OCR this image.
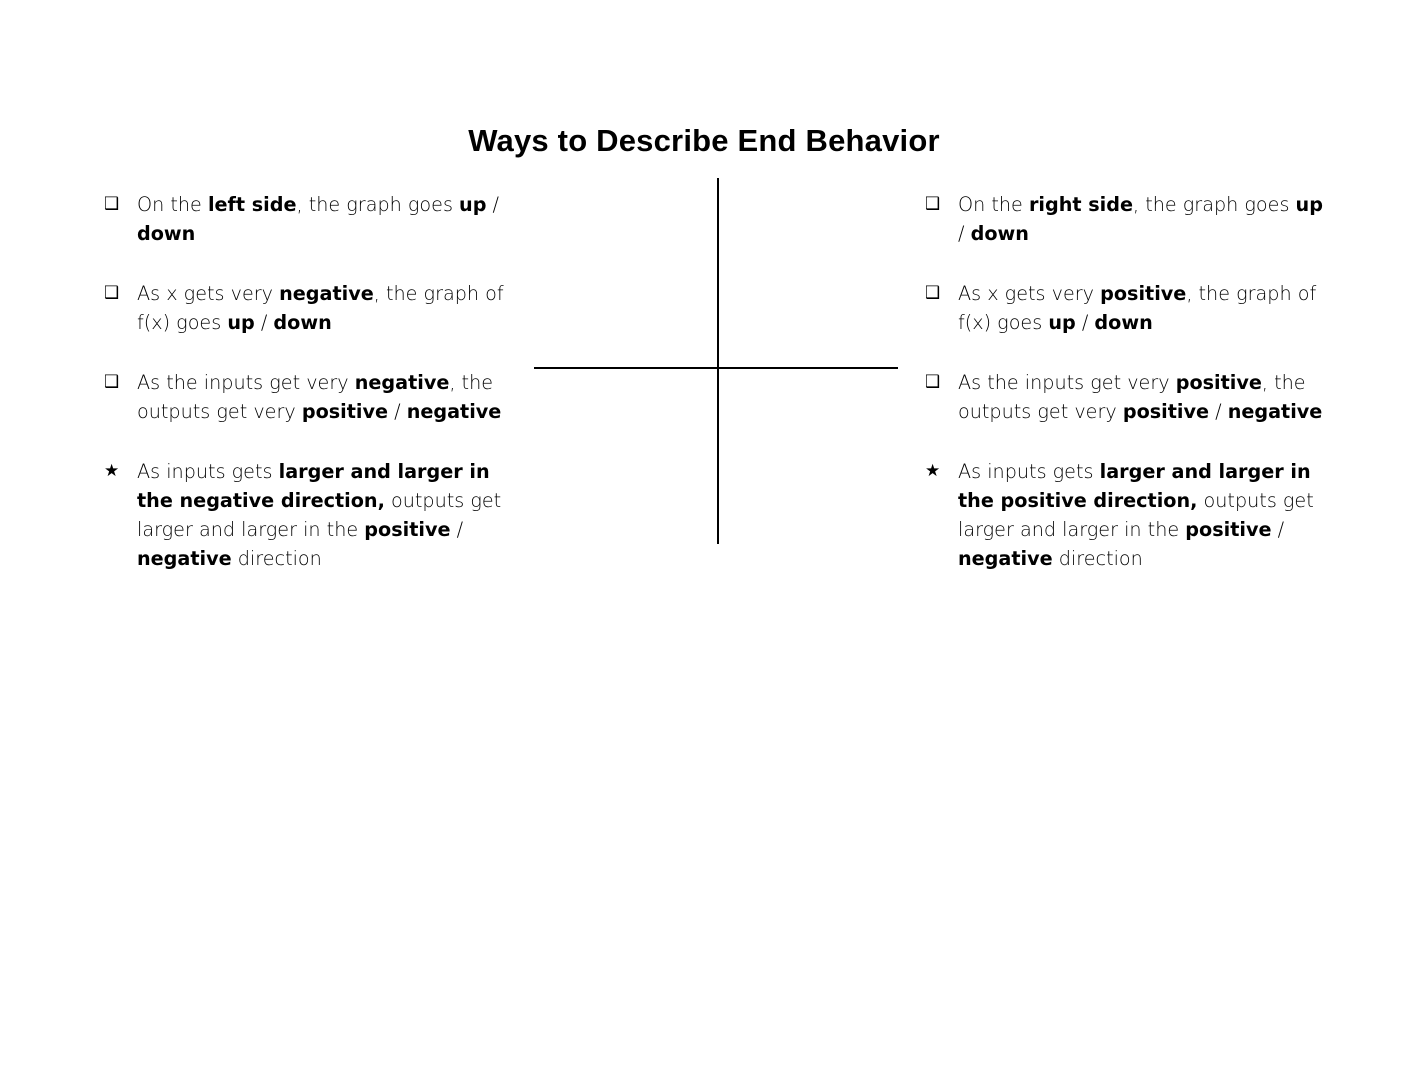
Ways to Describe End Behavior
❑ On the left side, the graph goes up / down
❑ As x gets very negative, the graph of f(x) goes up / down
❑ As the inputs get very negative, the outputs get very positive / negative
★ As inputs gets larger and larger in the negative direction, outputs get larger and larger in the positive / negative direction
❑ On the right side, the graph goes up / down
❑ As x gets very positive, the graph of f(x) goes up / down
❑ As the inputs get very positive, the outputs get very positive / negative
★ As inputs gets larger and larger in the positive direction, outputs get larger and larger in the positive / negative direction
